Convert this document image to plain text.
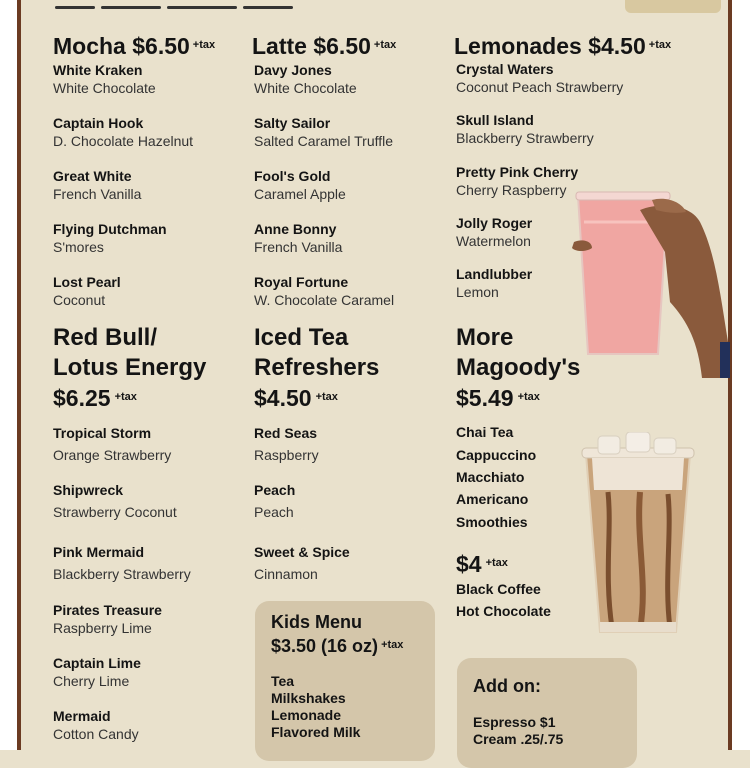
Mocha $6.50 $^{+tax}$
White Kraken
White Chocolate
Captain Hook
D. Chocolate Hazelnut
Great White
French Vanilla
Flying Dutchman
S'mores
Lost Pearl
Coconut
Latte $6.50 $^{+tax}$
Davy Jones
White Chocolate
Salty Sailor
Salted Caramel Truffle
Fool's Gold
Caramel Apple
Anne Bonny
French Vanilla
Royal Fortune
W. Chocolate Caramel
Lemonades $4.50 $^{+tax}$
Crystal Waters
Coconut Peach Strawberry
Skull Island
Blackberry Strawberry
Pretty Pink Cherry
Cherry Raspberry
Jolly Roger
Watermelon
Landlubber
Lemon
Red Bull/
Lotus Energy
$6.25 $^{+tax}$
Tropical Storm
Orange Strawberry
Shipwreck
Strawberry Coconut
Pink Mermaid
Blackberry Strawberry
Pirates Treasure
Raspberry Lime
Captain Lime
Cherry Lime
Mermaid
Cotton Candy
Iced Tea
Refreshers
$4.50 $^{+tax}$
Red Seas
Raspberry
Peach
Peach
Sweet & Spice
Cinnamon
Kids Menu
$3.50 (16 oz) $^{+tax}$
Tea
Milkshakes
Lemonade
Flavored Milk
More
Magoody's
$5.49 $^{+tax}$
Chai Tea
Cappuccino
Macchiato
Americano
Smoothies
$4 $^{+tax}$
Black Coffee
Hot Chocolate
Add on:
Espresso $1
Cream .25/.75
